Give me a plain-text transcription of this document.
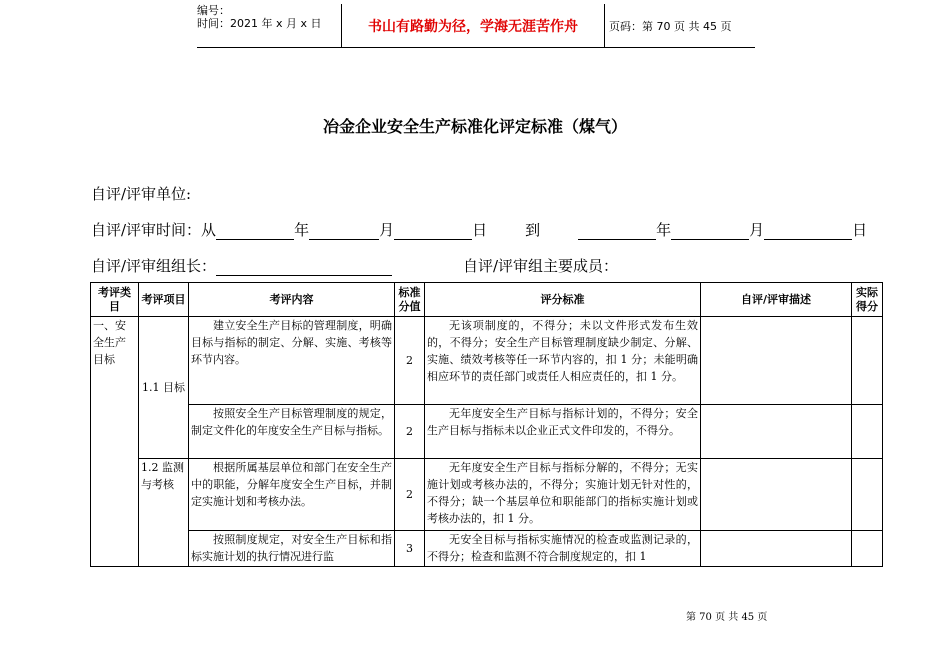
编号：
时间：2021 年 x 月 x 日	书山有路勤为径，学海无涯苦作舟	页码：第 70 页 共 45 页
冶金企业安全生产标准化评定标准（煤气）
自评/评审单位:
自评/评审时间：从	年	月	日	到	年	月	日
自评/评审组组长：	自评/评审组主要成员：
考评类目	考评项目	考评内容	标准分值	评分标准	自评/评审描述	实际得分
一、安全生产目标	1.1 目标	建立安全生产目标的管理制度，明确目标与指标的制定、分解、实施、考核等环节内容。	2	无该项制度的，不得分；未以文件形式发布生效的，不得分；安全生产目标管理制度缺少制定、分解、实施、绩效考核等任一环节内容的，扣 1 分；未能明确相应环节的责任部门或责任人相应责任的，扣 1 分。		
		按照安全生产目标管理制度的规定，制定文件化的年度安全生产目标与指标。	2	无年度安全生产目标与指标计划的，不得分；安全生产目标与指标未以企业正式文件印发的，不得分。		
	1.2 监测与考核	根据所属基层单位和部门在安全生产中的职能，分解年度安全生产目标，并制定实施计划和考核办法。	2	无年度安全生产目标与指标分解的，不得分；无实施计划或考核办法的，不得分；实施计划无针对性的，不得分；缺一个基层单位和职能部门的指标实施计划或考核办法的，扣 1 分。		
		按照制度规定，对安全生产目标和指标实施计划的执行情况进行监	3	无安全目标与指标实施情况的检查或监测记录的，不得分；检查和监测不符合制度规定的，扣 1		
第 70 页 共 45 页
